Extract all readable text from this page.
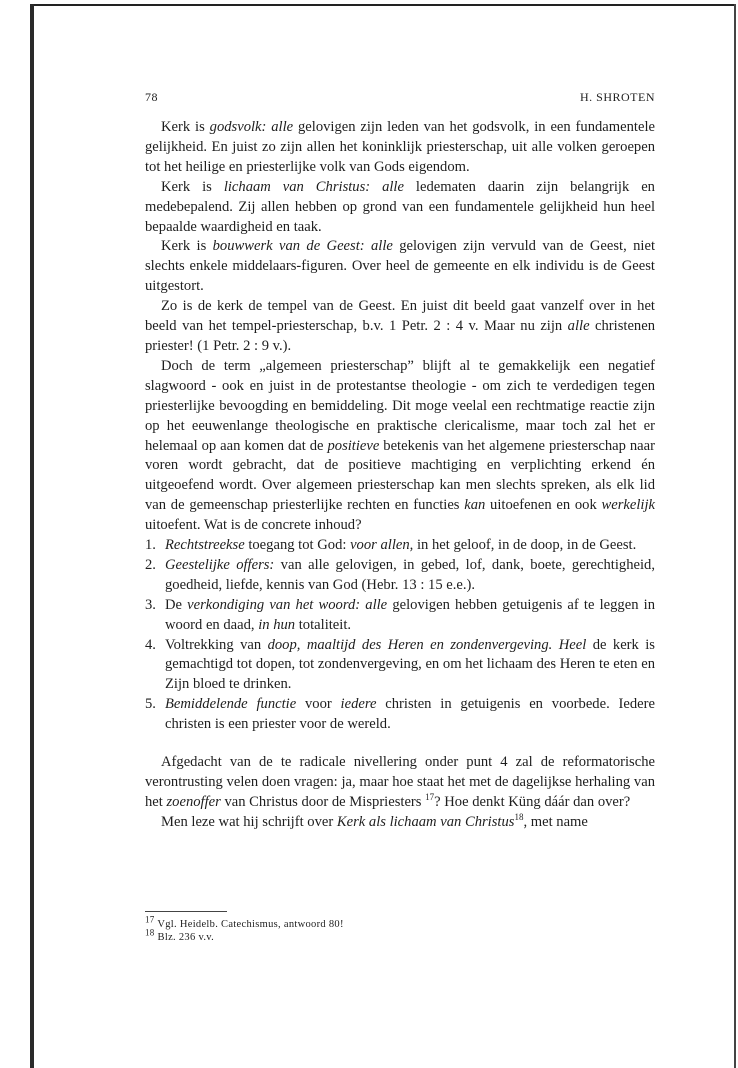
78	H. SHROTEN

Kerk is godsvolk: alle gelovigen zijn leden van het godsvolk, in een fundamentele gelijkheid. En juist zo zijn allen het koninklijk priesterschap, uit alle volken geroepen tot het heilige en priesterlijke volk van Gods eigendom.

Kerk is lichaam van Christus: alle ledematen daarin zijn belangrijk en medebepalend. Zij allen hebben op grond van een fundamentele gelijkheid hun heel bepaalde waardigheid en taak.

Kerk is bouwwerk van de Geest: alle gelovigen zijn vervuld van de Geest, niet slechts enkele middelaars-figuren. Over heel de gemeente en elk individu is de Geest uitgestort.

Zo is de kerk de tempel van de Geest. En juist dit beeld gaat vanzelf over in het beeld van het tempel-priesterschap, b.v. 1 Petr. 2 : 4 v. Maar nu zijn alle christenen priester! (1 Petr. 2 : 9 v.).

Doch de term „algemeen priesterschap” blijft al te gemakkelijk een negatief slagwoord - ook en juist in de protestantse theologie - om zich te verdedigen tegen priesterlijke bevoogding en bemiddeling. Dit moge veelal een rechtmatige reactie zijn op het eeuwenlange theologische en praktische clericalisme, maar toch zal het er helemaal op aan komen dat de positieve betekenis van het algemene priesterschap naar voren wordt gebracht, dat de positieve machtiging en verplichting erkend én uitgeoefend wordt. Over algemeen priesterschap kan men slechts spreken, als elk lid van de gemeenschap priesterlijke rechten en functies kan uitoefenen en ook werkelijk uitoefent. Wat is de concrete inhoud?

1. Rechtstreekse toegang tot God: voor allen, in het geloof, in de doop, in de Geest.
2. Geestelijke offers: van alle gelovigen, in gebed, lof, dank, boete, gerechtigheid, goedheid, liefde, kennis van God (Hebr. 13 : 15 e.e.).
3. De verkondiging van het woord: alle gelovigen hebben getuigenis af te leggen in woord en daad, in hun totaliteit.
4. Voltrekking van doop, maaltijd des Heren en zondenvergeving. Heel de kerk is gemachtigd tot dopen, tot zondenvergeving, en om het lichaam des Heren te eten en Zijn bloed te drinken.
5. Bemiddelende functie voor iedere christen in getuigenis en voorbede. Iedere christen is een priester voor de wereld.

Afgedacht van de te radicale nivellering onder punt 4 zal de reformatorische verontrusting velen doen vragen: ja, maar hoe staat het met de dagelijkse herhaling van het zoenoffer van Christus door de Mispriesters $^{17}$? Hoe denkt Küng dáár dan over?

Men leze wat hij schrijft over Kerk als lichaam van Christus$^{18}$, met name

17 Vgl. Heidelb. Catechismus, antwoord 80!
18 Blz. 236 v.v.
